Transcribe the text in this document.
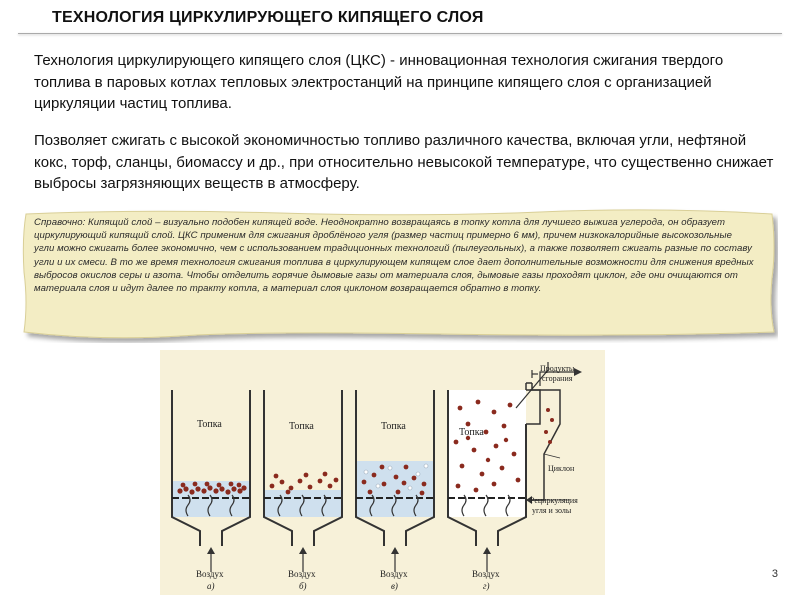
ТЕХНОЛОГИЯ ЦИРКУЛИРУЮЩЕГО КИПЯЩЕГО СЛОЯ
Технология циркулирующего кипящего слоя (ЦКС) - инновационная технология сжигания твердого топлива в паровых котлах тепловых электростанций на принципе кипящего слоя с организацией циркуляции частиц топлива.
Позволяет сжигать с высокой экономичностью топливо различного качества, включая угли, нефтяной кокс, торф, сланцы, биомассу и др., при относительно невысокой температуре, что существенно снижает выбросы загрязняющих веществ в атмосферу.
Справочно: Кипящий слой – визуально подобен кипящей воде. Неоднократно возвращаясь в топку котла для лучшего выжига углерода, он образует циркулирующий кипящий слой. ЦКС применим для сжигания дроблёного угля (размер частиц примерно 6 мм), причем низкокалорийные высокозольные угли можно сжигать более экономично, чем с использованием традиционных технологий (пылеугольных), а также позволяет сжигать разные по составу угли и их смеси. В то же время технология сжигания топлива в циркулирующем кипящем слое дает дополнительные возможности для снижения вредных выбросов окислов серы и азота. Чтобы отделить горячие дымовые газы от материала слоя, дымовые газы проходят циклон, где они очищаются от материала слоя и идут далее по тракту котла, а материал слоя циклоном возвращается обратно в топку.
Топка	Топка	Топка
Топка
Воздух	Воздух	Воздух	Воздух
а)	б)	в)	г)
Продукты
сгорания
Циклон
Рециркуляция
угля и золы
3
